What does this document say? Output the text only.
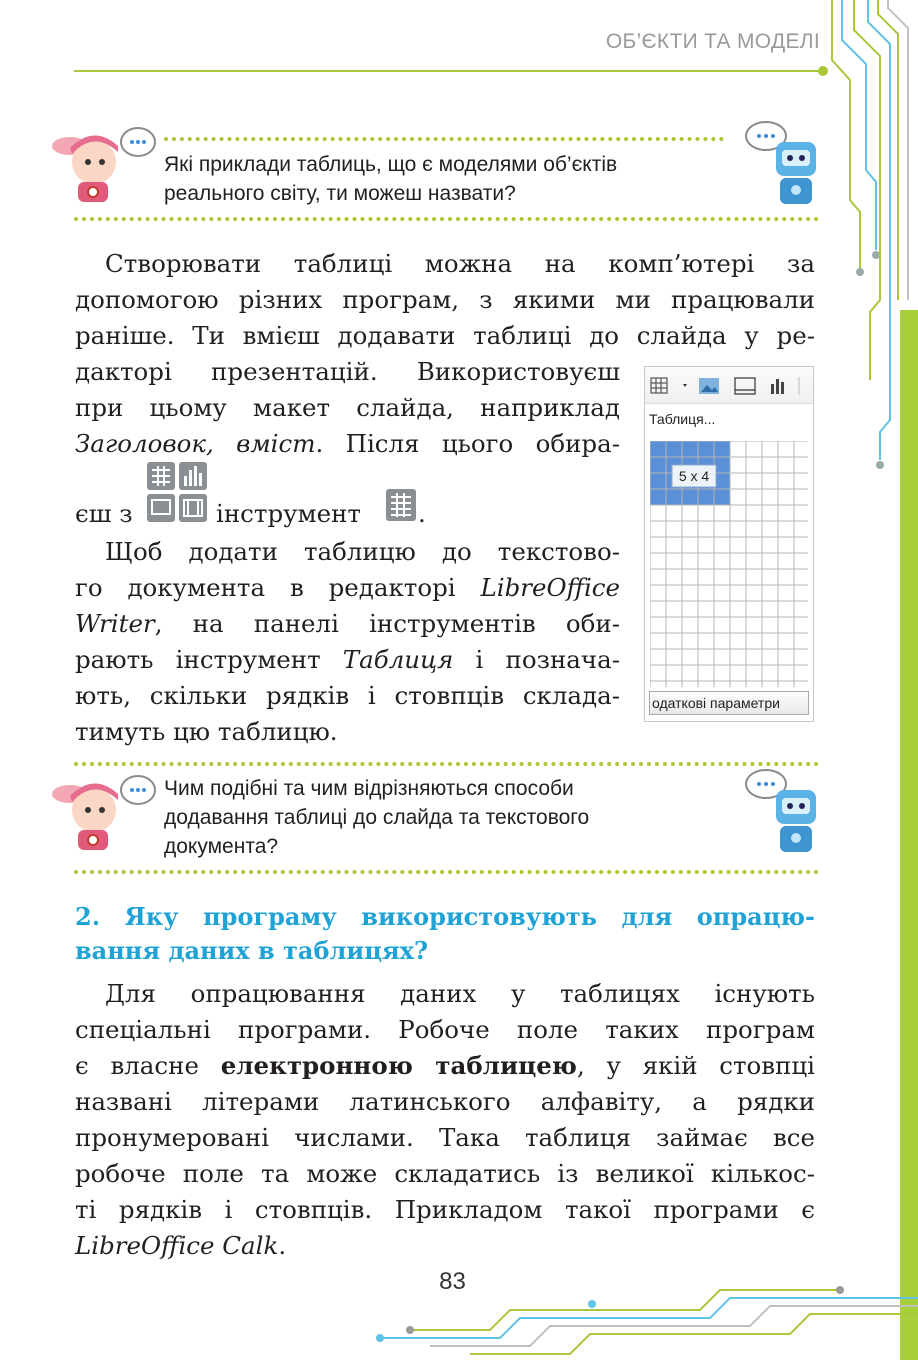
ОБ’ЄКТИ ТА МОДЕЛІ
Які приклади таблиць, що є моделями об’єктів
реального світу, ти можеш назвати?
Створювати таблиці можна на комп’ютері за
допомогою різних програм, з якими ми працювали
раніше. Ти вмієш додавати таблиці до слайда у ре-
дакторі презентацій. Використовуєш
при цьому макет слайда, наприклад
Заголовок, вміст. Після цього обира-
єш з	інструмент .
Таблиця...
5 x 4
одаткові параметри
Щоб додати таблицю до текстово-
го документа в редакторі LibreOffice
Writer, на панелі інструментів оби-
рають інструмент Таблиця і познача-
ють, скільки рядків і стовпців склада-
тимуть цю таблицю.
Чим подібні та чим відрізняються способи
додавання таблиці до слайда та текстового
документа?
2. Яку програму використовують для опрацю-
вання даних в таблицях?
Для опрацювання даних у таблицях існують
спеціальні програми. Робоче поле таких програм
є власне електронною таблицею, у якій стовпці
названі літерами латинського алфавіту, а рядки
пронумеровані числами. Така таблиця займає все
робоче поле та може складатись із великої кількос-
ті рядків і стовпців. Прикладом такої програми є
LibreOffice Calk.
83
